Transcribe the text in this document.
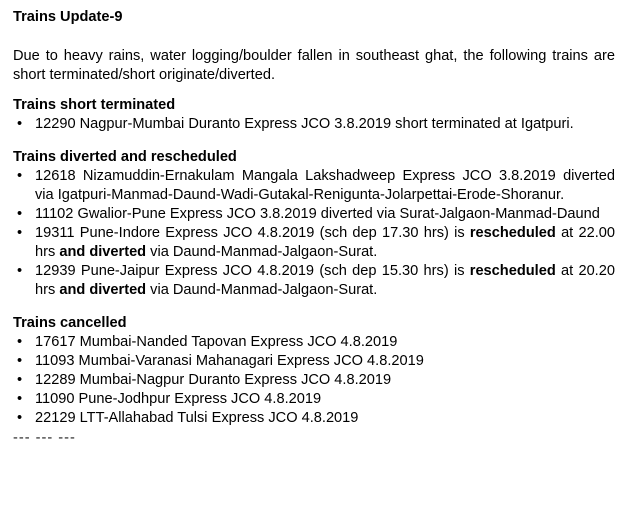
Trains Update-9

Due to heavy rains, water logging/boulder fallen in southeast ghat, the following trains are short terminated/short originate/diverted.

Trains short terminated

• 12290 Nagpur-Mumbai Duranto Express JCO 3.8.2019 short terminated at Igatpuri.

Trains diverted and rescheduled

• 12618 Nizamuddin-Ernakulam Mangala Lakshadweep Express JCO 3.8.2019 diverted via Igatpuri-Manmad-Daund-Wadi-Gutakal-Renigunta-Jolarpettai-Erode-Shoranur.
• 11102 Gwalior-Pune Express JCO 3.8.2019 diverted via Surat-Jalgaon-Manmad-Daund
• 19311 Pune-Indore Express JCO 4.8.2019 (sch dep 17.30 hrs) is rescheduled at 22.00 hrs and diverted via Daund-Manmad-Jalgaon-Surat.
• 12939 Pune-Jaipur Express JCO 4.8.2019 (sch dep 15.30 hrs) is rescheduled at 20.20 hrs and diverted via Daund-Manmad-Jalgaon-Surat.

Trains cancelled

• 17617 Mumbai-Nanded Tapovan Express JCO 4.8.2019
• 11093 Mumbai-Varanasi Mahanagari Express JCO 4.8.2019
• 12289 Mumbai-Nagpur Duranto Express JCO 4.8.2019
• 11090 Pune-Jodhpur Express JCO 4.8.2019
• 22129 LTT-Allahabad Tulsi Express JCO 4.8.2019
--- --- ---
